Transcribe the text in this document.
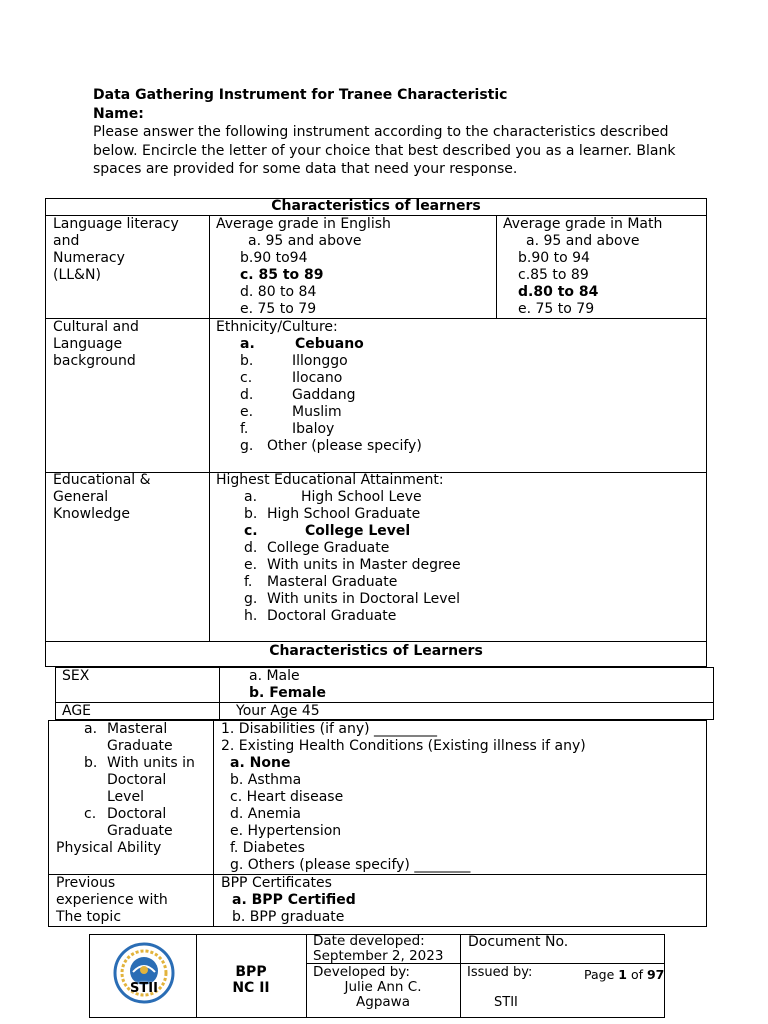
Data Gathering Instrument for Tranee Characteristic

Name:

Please answer the following instrument according to the characteristics described below. Encircle the letter of your choice that best described you as a learner. Blank spaces are provided for some data that need your response.

Characteristics of learners
Language literacy
and
Numeracy
(LL&N)
Average grade in English
a. 95 and above
b.90 to94
c. 85 to 89
d. 80 to 84
e. 75 to 79
Average grade in Math
a. 95 and above
b.90 to 94
c.85 to 89
d.80 to 84
e. 75 to 79
Cultural and
Language
background
Ethnicity/Culture:
a.
b.
c.
d.
e.
f.
g.
Cebuano
Illonggo
Ilocano
Gaddang
Muslim
Ibaloy
Other (please specify)
Educational &
General
Knowledge
Highest Educational Attainment:
a.
b.
c.
d.
e.
f.
g.
h.
High School Leve
High School Graduate
College Level
College Graduate
With units in Master degree
Masteral Graduate
With units in Doctoral Level
Doctoral Graduate
Characteristics of Learners
SEX	a. Male
b. Female
AGE	Your Age 45
a.

b.

c.
Masteral
Graduate
With units in
Doctoral
Level
Doctoral
Graduate
Physical Ability
1. Disabilities (if any) _________
2. Existing Health Conditions (Existing illness if any)
a. None
b. Asthma
c. Heart disease
d. Anemia
e. Hypertension
f. Diabetes
g. Others (please specify) ________
Previous
experience with
The topic
BPP Certificates
a. BPP Certified
b. BPP graduate
STII
BPP
NC II
Date developed:
September 2, 2023
Developed by:
Julie Ann C.
Agpawa
Document No.
Issued by:

STII
Page 1 of 97
